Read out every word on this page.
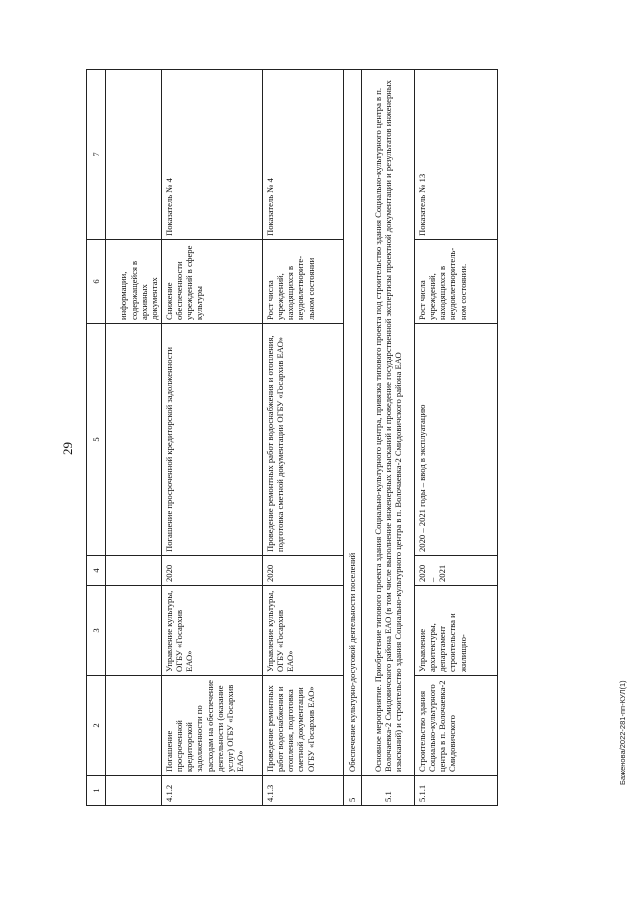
29
1	2	3	4	5	6	7
					информации, содержащейся в архивных документах	
4.1.2	Погашение просроченной кредиторской задолженности по расходам на обеспечение деятельности (оказание услуг) ОГБУ «Госархив ЕАО»	Управление культуры, ОГБУ «Госархив ЕАО»	2020	Погашение просроченной кредиторской задолженности	Снижение обеспеченности учреждений в сфере культуры	Показатель № 4
4.1.3	Проведение ремонтных работ водоснабжения и отопления, подготовка сметной документации ОГБУ «Госархив ЕАО»	Управление культуры, ОГБУ «Госархив ЕАО»	2020	Проведение ремонтных работ водоснабжения и отопления, подготовка сметной документации ОГБУ «Госархив ЕАО»	Рост числа учреждений, находящихся в неудовлетворите-льном состоянии	Показатель № 4
5	Обеспечение культурно-досуговой деятельности поселений					
5.1	Основное мероприятие. Приобретение типового проекта здания Социально-культурного центра, привязка типового проекта под строительство здания Социально-культурного центра в п. Волочаевка-2 Смидовичского района ЕАО (в том числе выполнение инженерных изысканий и проведение государственной экспертизы проектной документации и результатов инженерных изысканий) и строительство здания Социально-культурного центра в п. Волочаевка-2 Смидовичского района ЕАО					
5.1.1	Строительство здания Социально-культурного центра в п. Волочаевка-2 Смидовичского	Управление архитектуры, департамент строительства и жилищно-	2020 – 2021	2020 – 2021 годы – ввод в эксплуатацию	Рост числа учреждений, находящихся в неудовлетворитель-ном состоянии.	Показатель № 13
Баженова/2022-281-пп-КУЛ(1)
